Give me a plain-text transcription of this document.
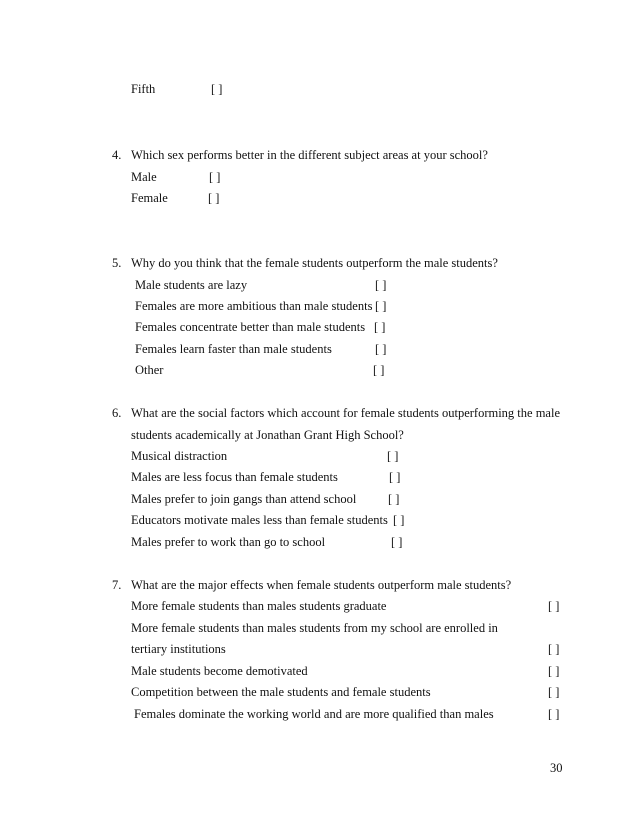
Fifth	[ ]
4. Which sex performs better in the different subject areas at your school?
Male	[ ]
Female	[ ]
5. Why do you think that the female students outperform the male students?
Male students are lazy	[ ]
Females are more ambitious than male students [ ]
Females concentrate better than male students [ ]
Females learn faster than male students	[ ]
Other	[ ]
6. What are the social factors which account for female students outperforming the male
students academically at Jonathan Grant High School?
Musical distraction	[ ]
Males are less focus than female students	[ ]
Males prefer to join gangs than attend school	[ ]
Educators motivate males less than female students [ ]
Males prefer to work than go to school	[ ]
7. What are the major effects when female students outperform male students?
More female students than males students graduate	[ ]
More female students than males students from my school are enrolled in
tertiary institutions	[ ]
Male students become demotivated	[ ]
Competition between the male students and female students	[ ]
Females dominate the working world and are more qualified than males	[ ]
30
